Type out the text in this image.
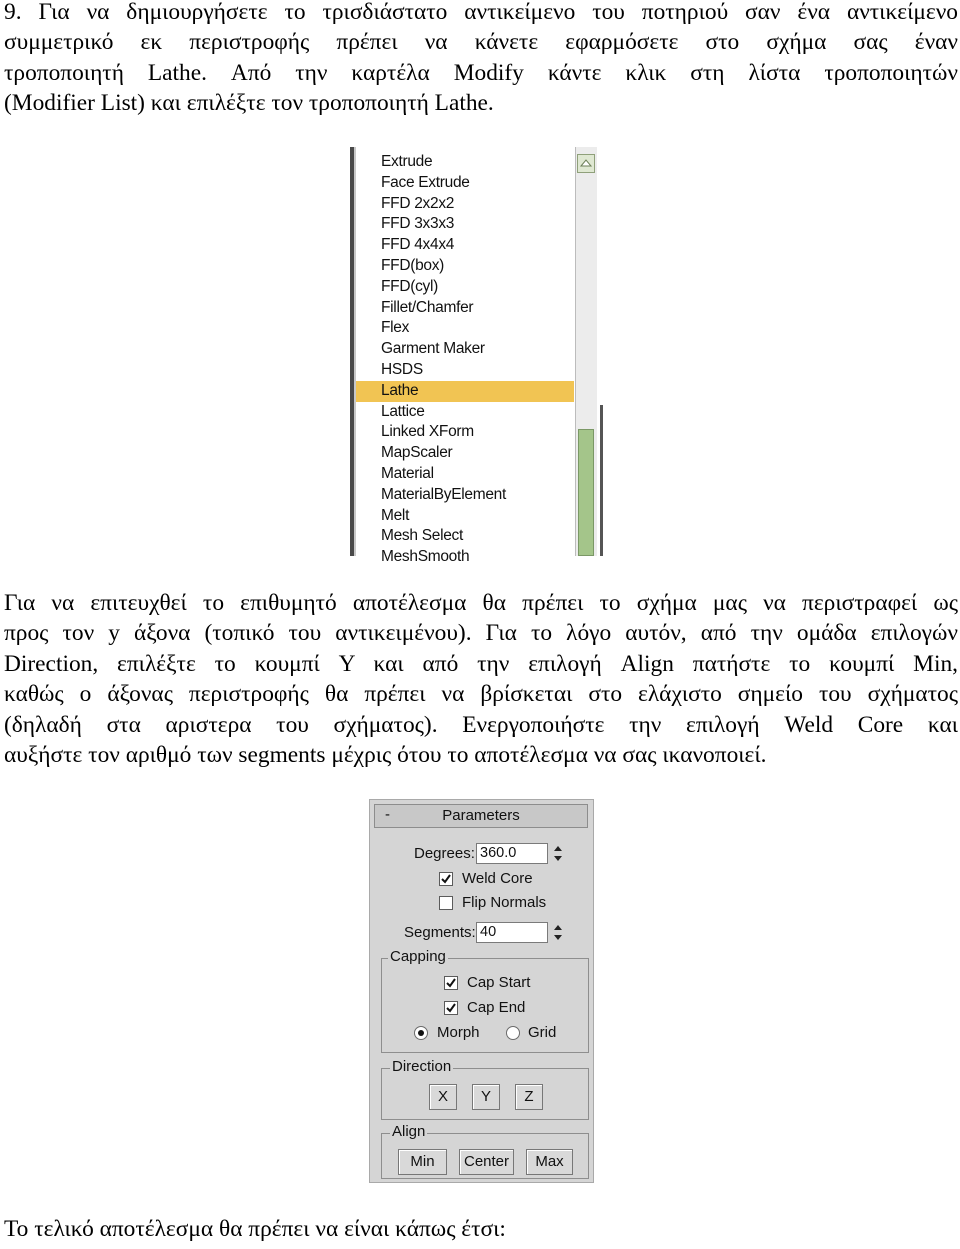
9. Για να δημιουργήσετε το τρισδιάστατο αντικείμενο του ποτηριού σαν ένα αντικείμενο
συμμετρικό εκ περιστροφής πρέπει να κάνετε εφαρμόσετε στο σχήμα σας έναν
τροποποιητή Lathe. Από την καρτέλα Modify κάντε κλικ στη λίστα τροποποιητών
(Modifier List) και επιλέξτε τον τροποποιητή Lathe.
Extrude
Face Extrude
FFD 2x2x2
FFD 3x3x3
FFD 4x4x4
FFD(box)
FFD(cyl)
Fillet/Chamfer
Flex
Garment Maker
HSDS
Lathe
Lattice
Linked XForm
MapScaler
Material
MaterialByElement
Melt
Mesh Select
MeshSmooth
Για να επιτευχθεί το επιθυμητό αποτέλεσμα θα πρέπει το σχήμα μας να περιστραφεί ως
προς τον y άξονα (τοπικό του αντικειμένου). Για το λόγο αυτόν, από την ομάδα επιλογών
Direction, επιλέξτε το κουμπί Y και από την επιλογή Align πατήστε το κουμπί Min,
καθώς ο άξονας περιστροφής θα πρέπει να βρίσκεται στο ελάχιστο σημείο του σχήματος
(δηλαδή στα αριστερα του σχήματος). Ενεργοποιήστε την επιλογή Weld Core και
αυξήστε τον αριθμό των segments μέχρις ότου το αποτέλεσμα να σας ικανοποιεί.
-	Parameters
Degrees: 360.0
Weld Core
Flip Normals
Segments: 40
Capping
Cap Start
Cap End
Morph	Grid
Direction
X	Y	Z
Align
Min	Center	Max
Το τελικό αποτέλεσμα θα πρέπει να είναι κάπως έτσι:
